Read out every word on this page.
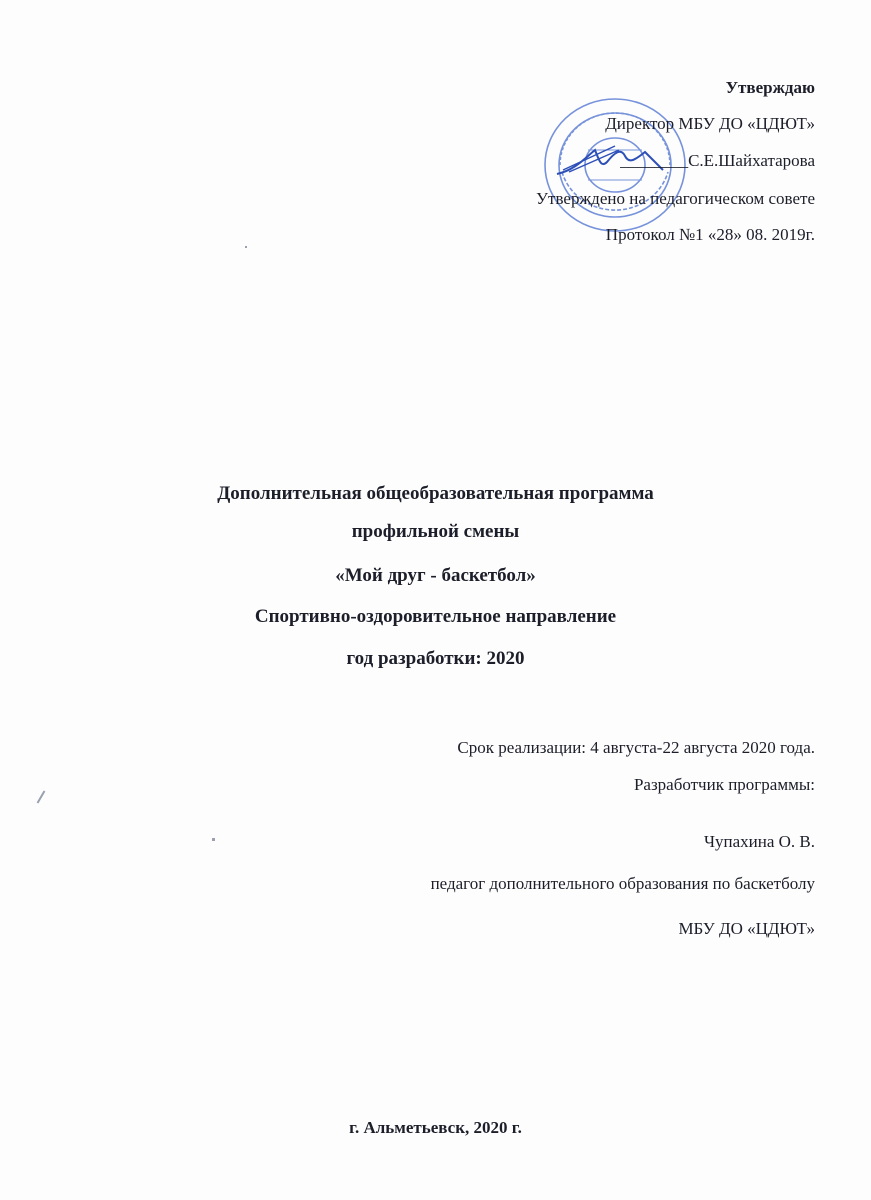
Утверждаю
Директор МБУ ДО «ЦДЮТ»
________С.Е.Шайхатарова
Утверждено на педагогическом совете
Протокол №1 «28» 08. 2019г.
Дополнительная общеобразовательная программа
профильной смены
«Мой друг - баскетбол»
Спортивно-оздоровительное направление
год разработки: 2020
Срок реализации: 4 августа-22 августа 2020 года.
Разработчик программы:
Чупахина О. В.
педагог дополнительного образования по баскетболу
МБУ ДО «ЦДЮТ»
г. Альметьевск, 2020 г.
